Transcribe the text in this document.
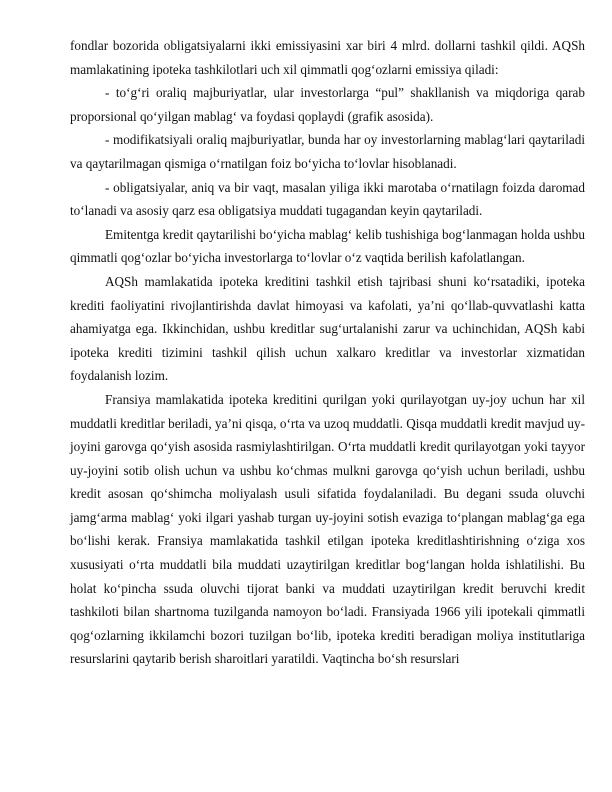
fondlar bozorida obligatsiyalarni ikki emissiyasini xar biri 4 mlrd. dollarni tashkil qildi. AQSh mamlakatining ipoteka tashkilotlari uch xil qimmatli qog‘ozlarni emissiya qiladi:

- to‘g‘ri oraliq majburiyatlar, ular investorlarga “pul” shakllanish va miqdoriga qarab proporsional qo‘yilgan mablag‘ va foydasi qoplaydi (grafik asosida).

- modifikatsiyali oraliq majburiyatlar, bunda har oy investorlarning mablag‘lari qaytariladi va qaytarilmagan qismiga o‘rnatilgan foiz bo‘yicha to‘lovlar hisoblanadi.

- obligatsiyalar, aniq va bir vaqt, masalan yiliga ikki marotaba o‘rnatilagn foizda daromad to‘lanadi va asosiy qarz esa obligatsiya muddati tugagandan keyin qaytariladi.

Emitentga kredit qaytarilishi bo‘yicha mablag‘ kelib tushishiga bog‘lanmagan holda ushbu qimmatli qog‘ozlar bo‘yicha investorlarga to‘lovlar o‘z vaqtida berilish kafolatlangan.

AQSh mamlakatida ipoteka kreditini tashkil etish tajribasi shuni ko‘rsatadiki, ipoteka krediti faoliyatini rivojlantirishda davlat himoyasi va kafolati, ya’ni qo‘llab-quvvatlashi katta ahamiyatga ega. Ikkinchidan, ushbu kreditlar sug‘urtalanishi zarur va uchinchidan, AQSh kabi ipoteka krediti tizimini tashkil qilish uchun xalkaro kreditlar va investorlar xizmatidan foydalanish lozim.

Fransiya mamlakatida ipoteka kreditini qurilgan yoki qurilayotgan uy-joy uchun har xil muddatli kreditlar beriladi, ya’ni qisqa, o‘rta va uzoq muddatli. Qisqa muddatli kredit mavjud uy-joyini garovga qo‘yish asosida rasmiylashtirilgan. O‘rta muddatli kredit qurilayotgan yoki tayyor uy-joyini sotib olish uchun va ushbu ko‘chmas mulkni garovga qo‘yish uchun beriladi, ushbu kredit asosan qo‘shimcha moliyalash usuli sifatida foydalaniladi. Bu degani ssuda oluvchi jamg‘arma mablag‘ yoki ilgari yashab turgan uy-joyini sotish evaziga to‘plangan mablag‘ga ega bo‘lishi kerak. Fransiya mamlakatida tashkil etilgan ipoteka kreditlashtirishning o‘ziga xos xususiyati o‘rta muddatli bila muddati uzaytirilgan kreditlar bog‘langan holda ishlatilishi. Bu holat ko‘pincha ssuda oluvchi tijorat banki va muddati uzaytirilgan kredit beruvchi kredit tashkiloti bilan shartnoma tuzilganda namoyon bo‘ladi. Fransiyada 1966 yili ipotekali qimmatli qog‘ozlarning ikkilamchi bozori tuzilgan bo‘lib, ipoteka krediti beradigan moliya institutlariga resurslarini qaytarib berish sharoitlari yaratildi. Vaqtincha bo‘sh resurslari
